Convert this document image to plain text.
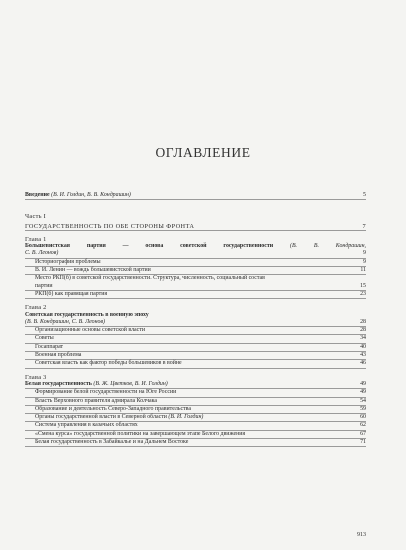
ОГЛАВЛЕНИЕ
Введение (В. И. Голдин, В. В. Кондрашин)	5
Часть I
ГОСУДАРСТВЕННОСТЬ ПО ОБЕ СТОРОНЫ ФРОНТА	7
Глава 1
Большевистская партия — основа советской государственности	(В. В. Кондрашин,
С. В. Леонов)	9
Историография проблемы	9
В. И. Ленин — вождь большевистской партии	11
Место РКП(б) в советской государственности. Структура, численность, социальный состав
партии	15
РКП(б) как правящая партия	23
Глава 2
Советская государственность в военную эпоху
(В. В. Кондрашин, С. В. Леонов)	28
Организационные основы советской власти	28
Советы	34
Госаппарат	40
Военная проблема	43
Советская власть как фактор победы большевиков в войне	46
Глава 3
Белая государственность (В. Ж. Цветков, В. И. Голдин)	49
Формирование белой государственности на Юге России	49
Власть Верховного правителя адмирала Колчака	54
Образование и деятельность Северо-Западного правительства	59
Органы государственной власти в Северной области (В. И. Голдин)	60
Система управления в казачьих областях	62
«Смена курса» государственной политики на завершающем этапе Белого движения	67
Белая государственность в Забайкалье и на Дальнем Востоке	71
913
